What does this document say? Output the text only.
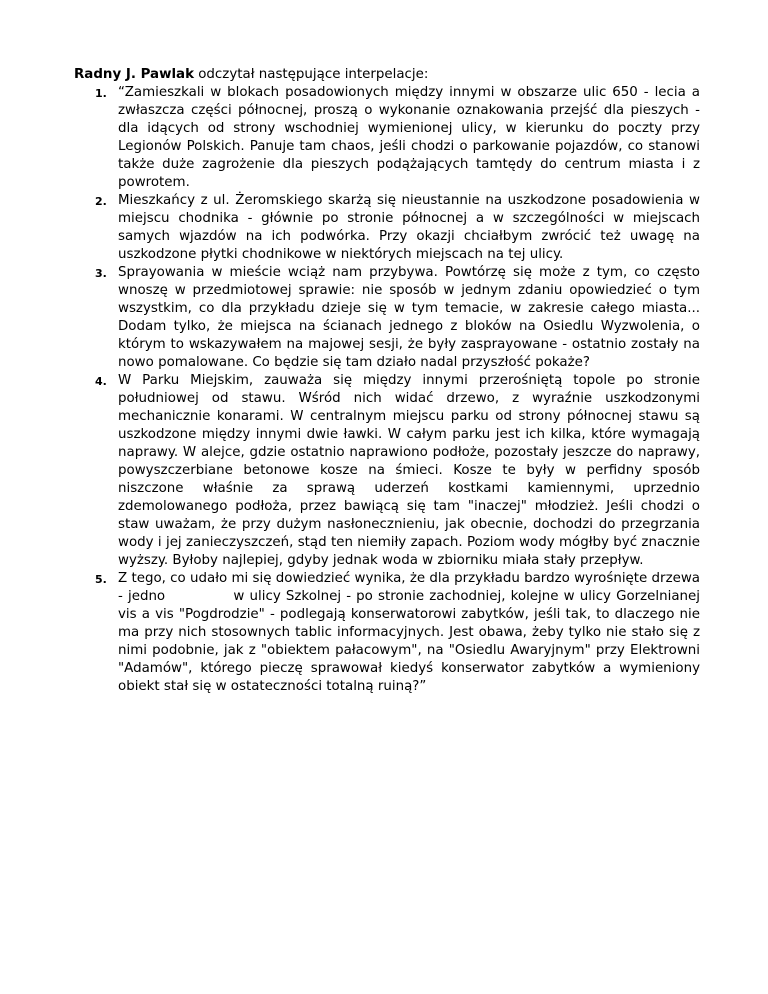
Radny J. Pawlak odczytał następujące interpelacje:

1. “Zamieszkali w blokach posadowionych między innymi w obszarze ulic 650 - lecia a zwłaszcza części północnej, proszą o wykonanie oznakowania przejść dla pieszych - dla idących od strony wschodniej wymienionej ulicy, w kierunku do poczty przy Legionów Polskich. Panuje tam chaos, jeśli chodzi o parkowanie pojazdów, co stanowi także duże zagrożenie dla pieszych podążających tamtędy do centrum miasta i z powrotem.

2. Mieszkańcy z ul. Żeromskiego skarżą się nieustannie na uszkodzone posadowienia w miejscu chodnika - głównie po stronie północnej a w szczególności w miejscach samych wjazdów na ich podwórka. Przy okazji chciałbym zwrócić też uwagę na uszkodzone płytki chodnikowe w niektórych miejscach na tej ulicy.

3. Sprayowania w mieście wciąż nam przybywa. Powtórzę się może z tym, co często wnoszę w przedmiotowej sprawie: nie sposób w jednym zdaniu opowiedzieć o tym wszystkim, co dla przykładu dzieje się w tym temacie, w zakresie całego miasta... Dodam tylko, że miejsca na ścianach jednego z bloków na Osiedlu Wyzwolenia, o którym to wskazywałem na majowej sesji, że były zasprayowane - ostatnio zostały na nowo pomalowane. Co będzie się tam działo nadal przyszłość pokaże?

4. W Parku Miejskim, zauważa się między innymi przerośniętą topole po stronie południowej od stawu. Wśród nich widać drzewo, z wyraźnie uszkodzonymi mechanicznie konarami. W centralnym miejscu parku od strony północnej stawu są uszkodzone między innymi dwie ławki. W całym parku jest ich kilka, które wymagają naprawy. W alejce, gdzie ostatnio naprawiono podłoże, pozostały jeszcze do naprawy, powyszczerbiane betonowe kosze na śmieci. Kosze te były w perfidny sposób niszczone właśnie za sprawą uderzeń kostkami kamiennymi, uprzednio zdemolowanego podłoża, przez bawiącą się tam "inaczej" młodzież. Jeśli chodzi o staw uważam, że przy dużym nasłonecznieniu, jak obecnie, dochodzi do przegrzania wody i jej zanieczyszczeń, stąd ten niemiły zapach. Poziom wody mógłby być znacznie wyższy. Byłoby najlepiej, gdyby jednak woda w zbiorniku miała stały przepływ.

5. Z tego, co udało mi się dowiedzieć wynika, że dla przykładu bardzo wyrośnięte drzewa - jedno	w ulicy Szkolnej - po stronie zachodniej, kolejne w ulicy Gorzelnianej vis a vis "Pogdrodzie" - podlegają konserwatorowi zabytków, jeśli tak, to dlaczego nie ma przy nich stosownych tablic informacyjnych. Jest obawa, żeby tylko nie stało się z nimi podobnie, jak z "obiektem pałacowym", na "Osiedlu Awaryjnym" przy Elektrowni "Adamów", którego pieczę sprawował kiedyś konserwator zabytków a wymieniony obiekt stał się w ostateczności totalną ruiną?”
